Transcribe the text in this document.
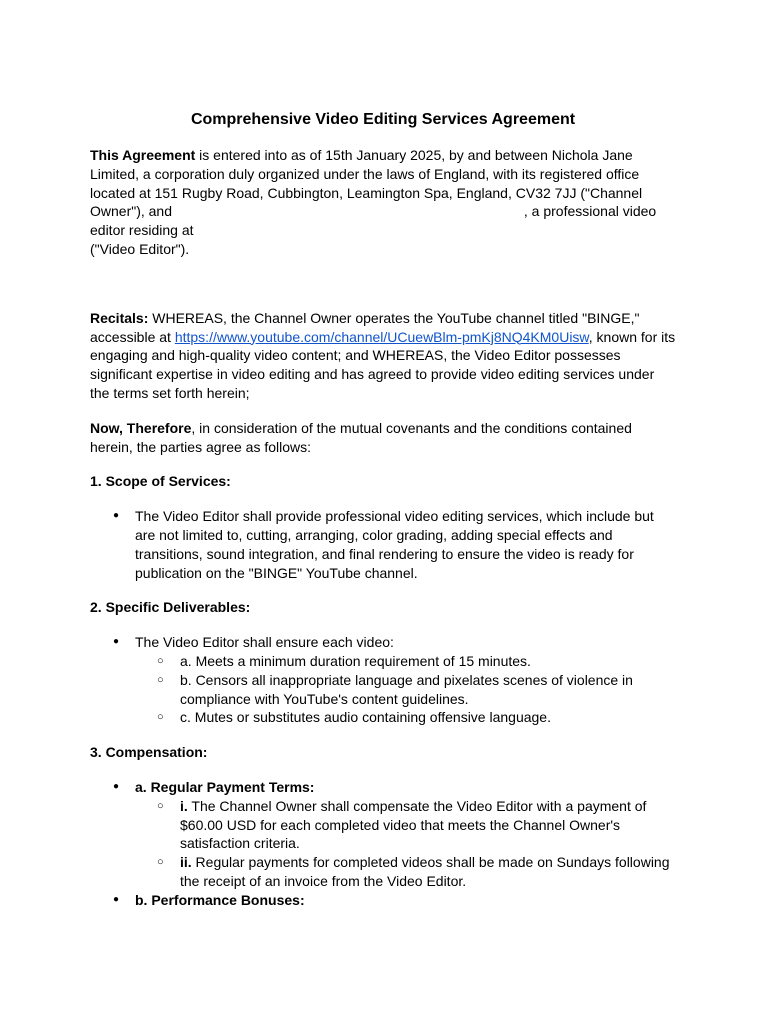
Comprehensive Video Editing Services Agreement

This Agreement is entered into as of 15th January 2025, by and between Nichola Jane Limited, a corporation duly organized under the laws of England, with its registered office located at 151 Rugby Road, Cubbington, Leamington Spa, England, CV32 7JJ ("Channel Owner"), and	, a professional video editor residing at
("Video Editor").

Recitals: WHEREAS, the Channel Owner operates the YouTube channel titled "BINGE," accessible at https://www.youtube.com/channel/UCuewBlm-pmKj8NQ4KM0Uisw, known for its engaging and high-quality video content; and WHEREAS, the Video Editor possesses significant expertise in video editing and has agreed to provide video editing services under the terms set forth herein;

Now, Therefore, in consideration of the mutual covenants and the conditions contained herein, the parties agree as follows:

1. Scope of Services:

● The Video Editor shall provide professional video editing services, which include but are not limited to, cutting, arranging, color grading, adding special effects and transitions, sound integration, and final rendering to ensure the video is ready for publication on the "BINGE" YouTube channel.

2. Specific Deliverables:

● The Video Editor shall ensure each video:
○ a. Meets a minimum duration requirement of 15 minutes.
○ b. Censors all inappropriate language and pixelates scenes of violence in compliance with YouTube's content guidelines.
○ c. Mutes or substitutes audio containing offensive language.

3. Compensation:

● a. Regular Payment Terms:
○ i. The Channel Owner shall compensate the Video Editor with a payment of $60.00 USD for each completed video that meets the Channel Owner's satisfaction criteria.
○ ii. Regular payments for completed videos shall be made on Sundays following the receipt of an invoice from the Video Editor.
● b. Performance Bonuses:
